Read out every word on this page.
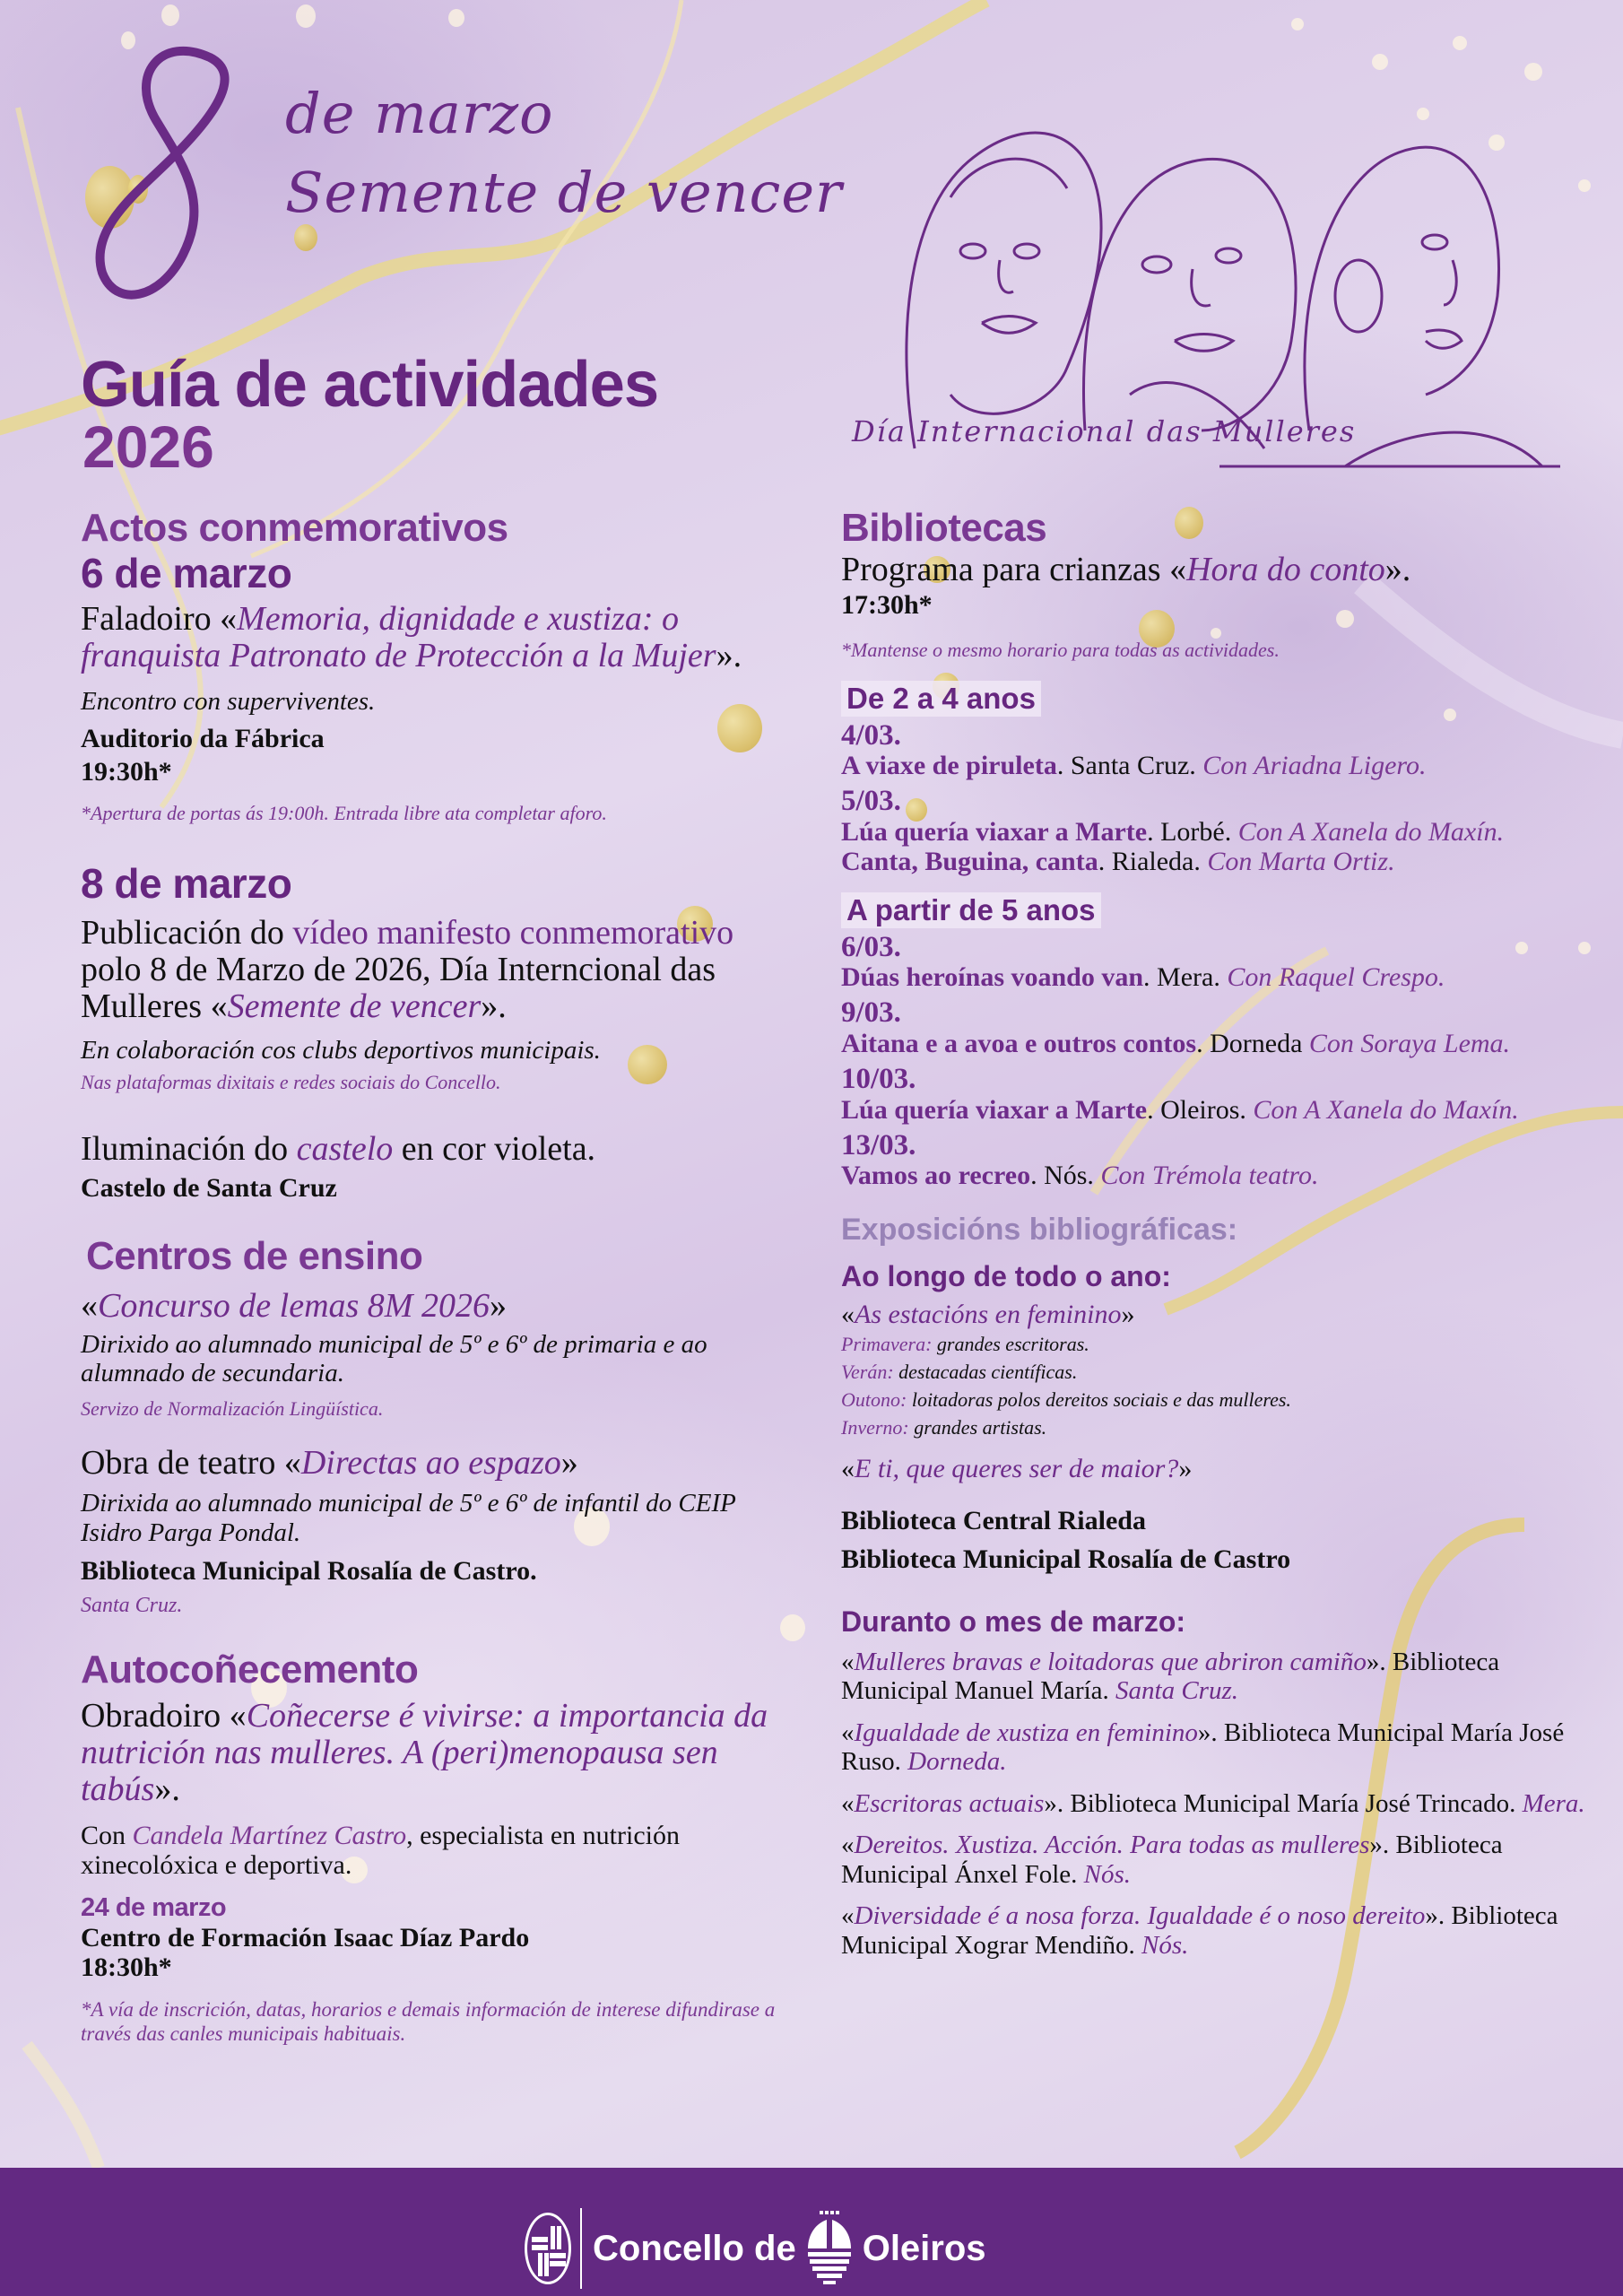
de marzo
Semente de vencer
Guía de actividades
2026	Día Internacional das Mulleres
Actos conmemorativos
6 de marzo
Faladoiro «Memoria, dignidade e xustiza: o franquista Patronato de Protección a la Mujer».
Encontro con superviventes.
Auditorio da Fábrica
19:30h*
*Apertura de portas ás 19:00h. Entrada libre ata completar aforo.
8 de marzo
Publicación do vídeo manifesto conmemorativo polo 8 de Marzo de 2026, Día Interncional das Mulleres «Semente de vencer».
En colaboración cos clubs deportivos municipais.
Nas plataformas dixitais e redes sociais do Concello.
Iluminación do castelo en cor violeta.
Castelo de Santa Cruz
Centros de ensino
«Concurso de lemas 8M 2026»
Dirixido ao alumnado municipal de 5º e 6º de primaria e ao alumnado de secundaria.
Servizo de Normalización Lingüística.
Obra de teatro «Directas ao espazo»
Dirixida ao alumnado municipal de 5º e 6º de infantil do CEIP Isidro Parga Pondal.
Biblioteca Municipal Rosalía de Castro.
Santa Cruz.
Autocoñecemento
Obradoiro «Coñecerse é vivirse: a importancia da nutrición nas mulleres. A (peri)menopausa sen tabús».
Con Candela Martínez Castro, especialista en nutrición xinecolóxica e deportiva.
24 de marzo
Centro de Formación Isaac Díaz Pardo
18:30h*
*A vía de inscrición, datas, horarios e demais información de interese difundirase a través das canles municipais habituais.
Bibliotecas
Programa para crianzas «Hora do conto».
17:30h*
*Mantense o mesmo horario para todas as actividades.
De 2 a 4 anos
4/03.
A viaxe de piruleta. Santa Cruz. Con Ariadna Ligero.
5/03.
Lúa quería viaxar a Marte. Lorbé. Con A Xanela do Maxín.
Canta, Buguina, canta. Rialeda. Con Marta Ortiz.
A partir de 5 anos
6/03.
Dúas heroínas voando van. Mera. Con Raquel Crespo.
9/03.
Aitana e a avoa e outros contos. Dorneda Con Soraya Lema.
10/03.
Lúa quería viaxar a Marte. Oleiros. Con A Xanela do Maxín.
13/03.
Vamos ao recreo. Nós. Con Trémola teatro.
Exposicións bibliográficas:
Ao longo de todo o ano:
«As estacións en feminino»
Primavera: grandes escritoras.
Verán: destacadas científicas.
Outono: loitadoras polos dereitos sociais e das mulleres.
Inverno: grandes artistas.
«E ti, que queres ser de maior?»
Biblioteca Central Rialeda
Biblioteca Municipal Rosalía de Castro
Duranto o mes de marzo:
«Mulleres bravas e loitadoras que abriron camiño». Biblioteca Municipal Manuel María. Santa Cruz.
«Igualdade de xustiza en feminino». Biblioteca Municipal María José Ruso. Dorneda.
«Escritoras actuais». Biblioteca Municipal María José Trincado. Mera.
«Dereitos. Xustiza. Acción. Para todas as mulleres». Biblioteca Municipal Ánxel Fole. Nós.
«Diversidade é a nosa forza. Igualdade é o noso dereito». Biblioteca Municipal Xograr Mendiño. Nós.
Concello de Oleiros
